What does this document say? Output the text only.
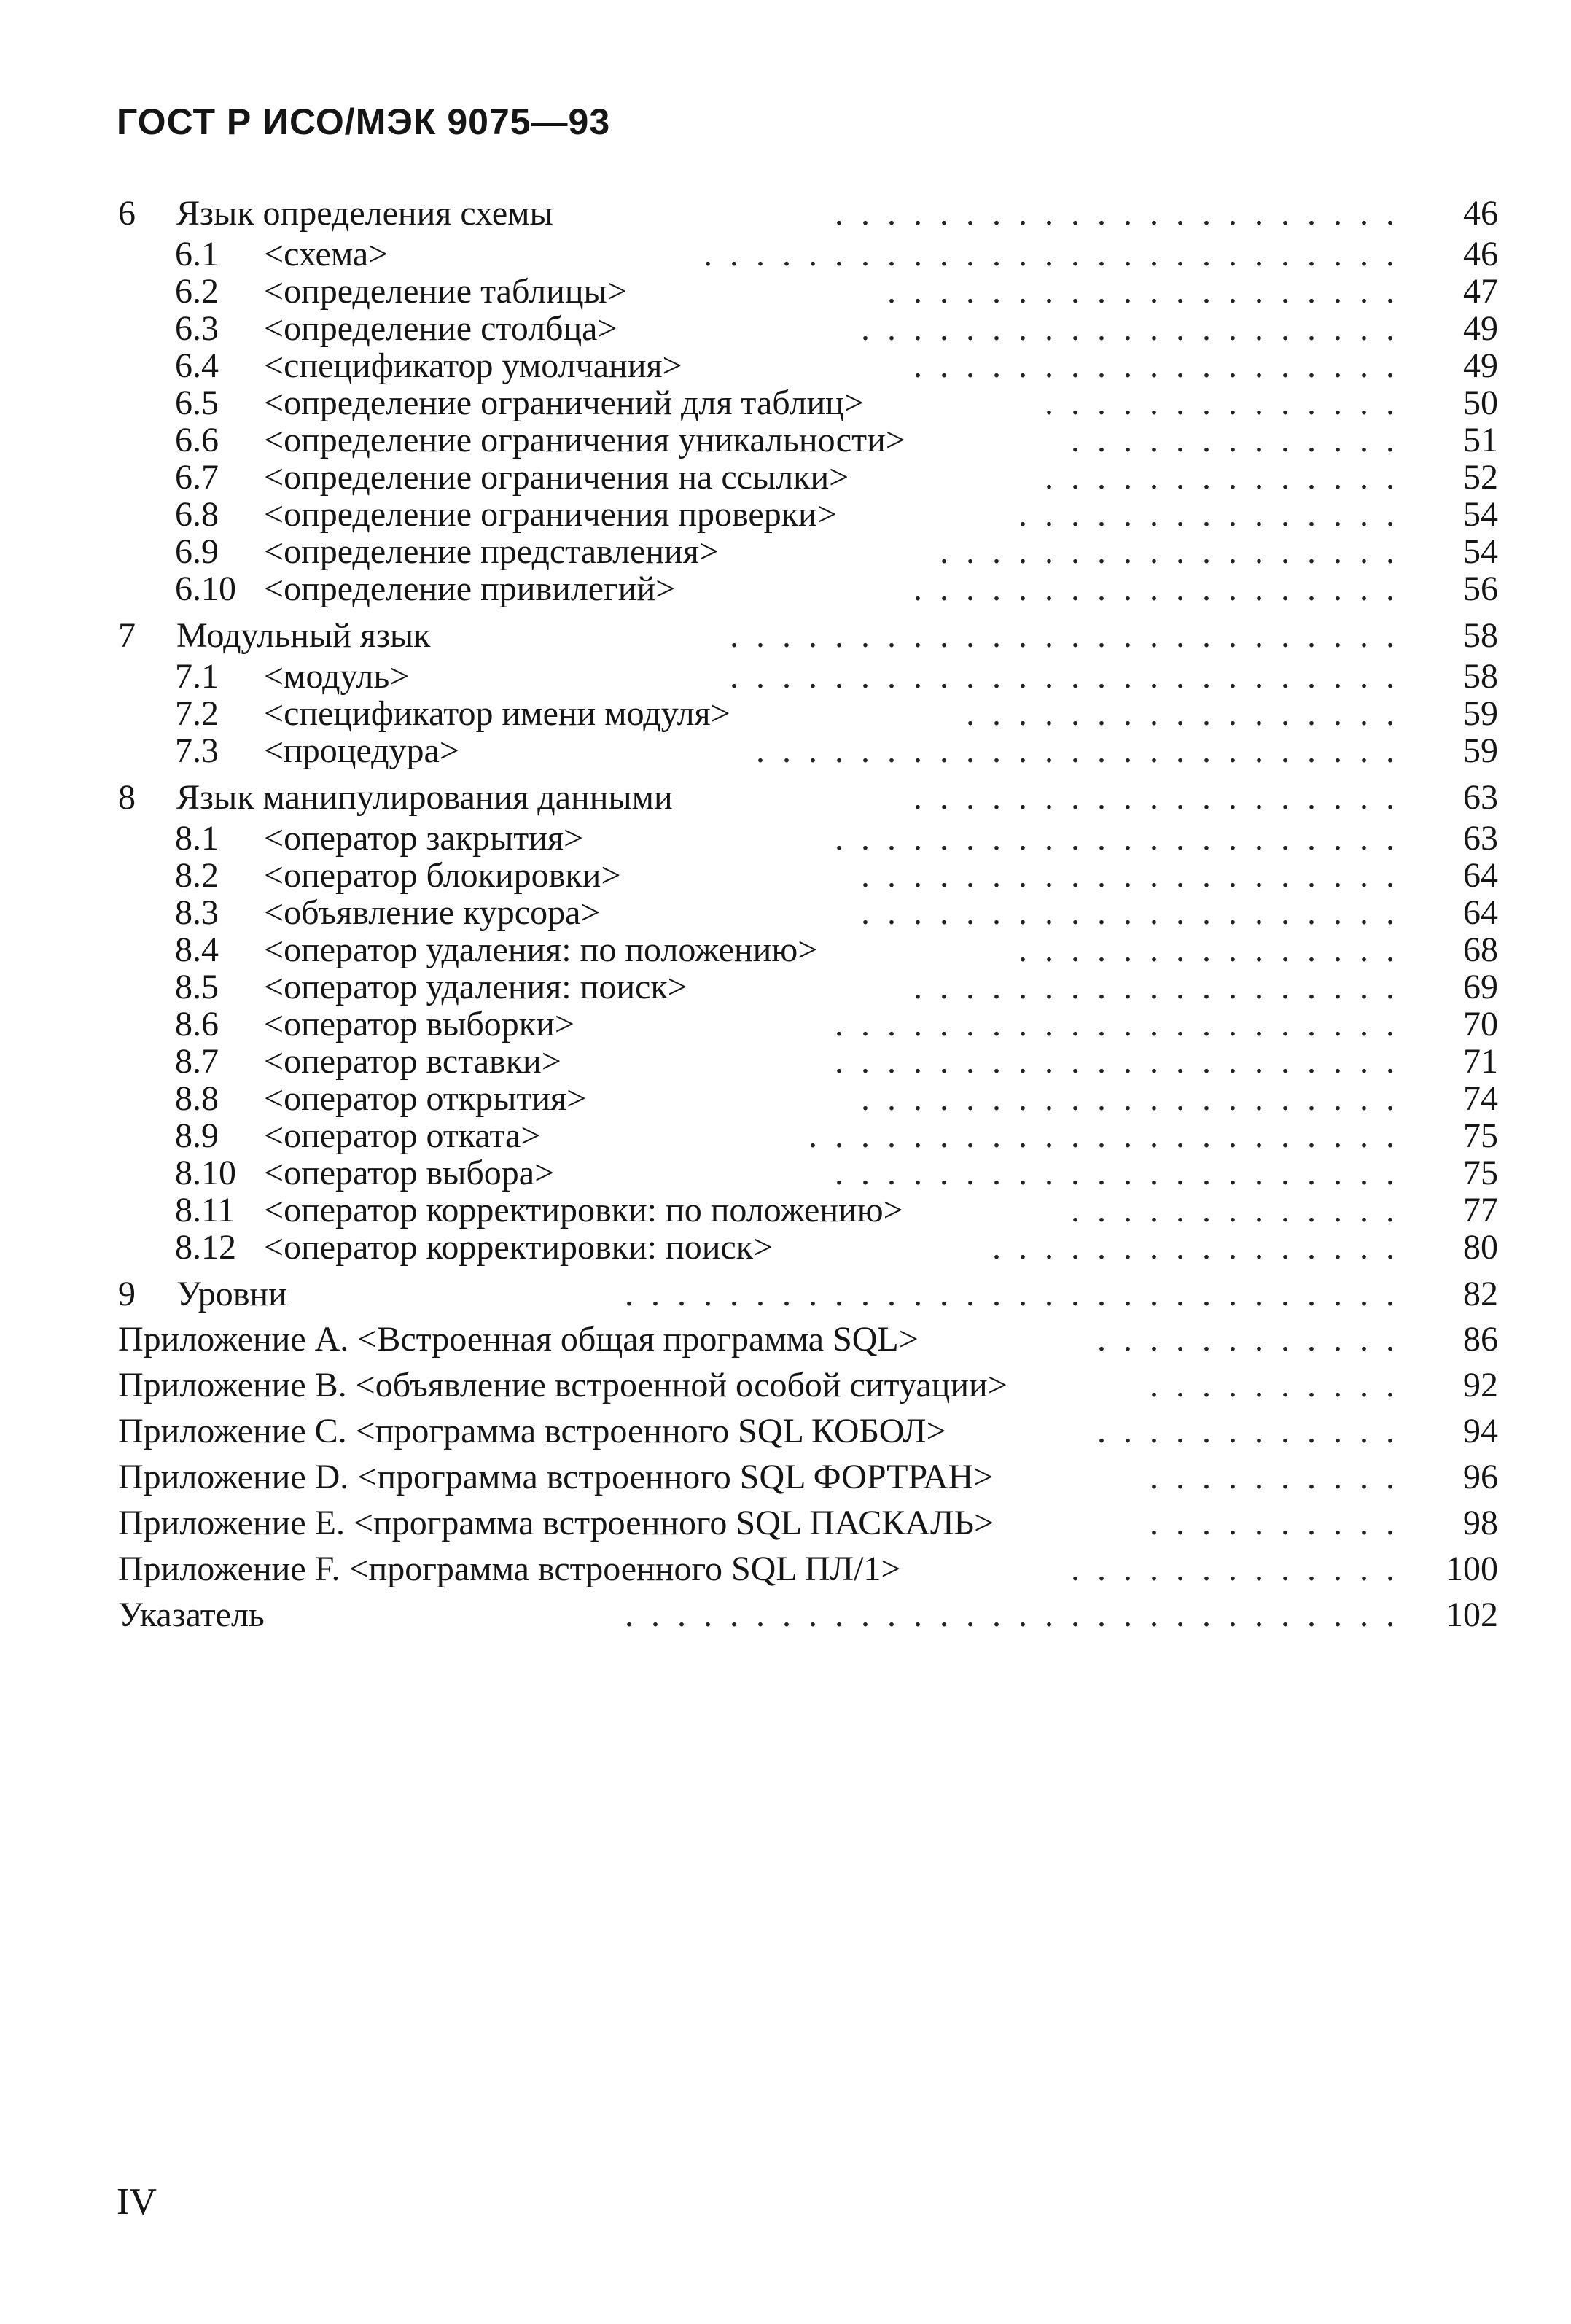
ГОСТ Р ИСО/МЭК 9075—93
6 Язык определения схемы	...................... 46
6.1 <схема>	........................... 46
6.2 <определение таблицы>	.................... 47
6.3 <определение столбца>	..................... 49
6.4 <спецификатор умолчания>	................... 49
6.5 <определение ограничений для таблиц>	.............. 50
6.6 <определение ограничения уникальности>	............. 51
6.7 <определение ограничения на ссылки>	.............. 52
6.8 <определение ограничения проверки>	............... 54
6.9 <определение представления>	.................. 54
6.10 <определение привилегий>	................... 56
7 Модульный язык	.......................... 58
7.1 <модуль>	.......................... 58
7.2 <спецификатор имени модуля>	................. 59
7.3 <процедура>	......................... 59
8 Язык манипулирования данными	................... 63
8.1 <оператор закрытия>	...................... 63
8.2 <оператор блокировки>	..................... 64
8.3 <объявление курсора>	..................... 64
8.4 <оператор удаления: по положению>	............... 68
8.5 <оператор удаления: поиск>	................... 69
8.6 <оператор выборки>	...................... 70
8.7 <оператор вставки>	...................... 71
8.8 <оператор открытия>	..................... 74
8.9 <оператор отката>	....................... 75
8.10 <оператор выбора>	...................... 75
8.11 <оператор корректировки: по положению>	............. 77
8.12 <оператор корректировки: поиск>	................ 80
9 Уровни	.............................. 82
Приложение A. <Встроенная общая программа SQL>	............ 86
Приложение B. <объявление встроенной особой ситуации>	.......... 92
Приложение C. <программа встроенного SQL КОБОЛ>	............ 94
Приложение D. <программа встроенного SQL ФОРТРАН>	.......... 96
Приложение E. <программа встроенного SQL ПАСКАЛЬ>	.......... 98
Приложение F. <программа встроенного SQL ПЛ/1>	............. 100
Указатель	.............................. 102
IV
